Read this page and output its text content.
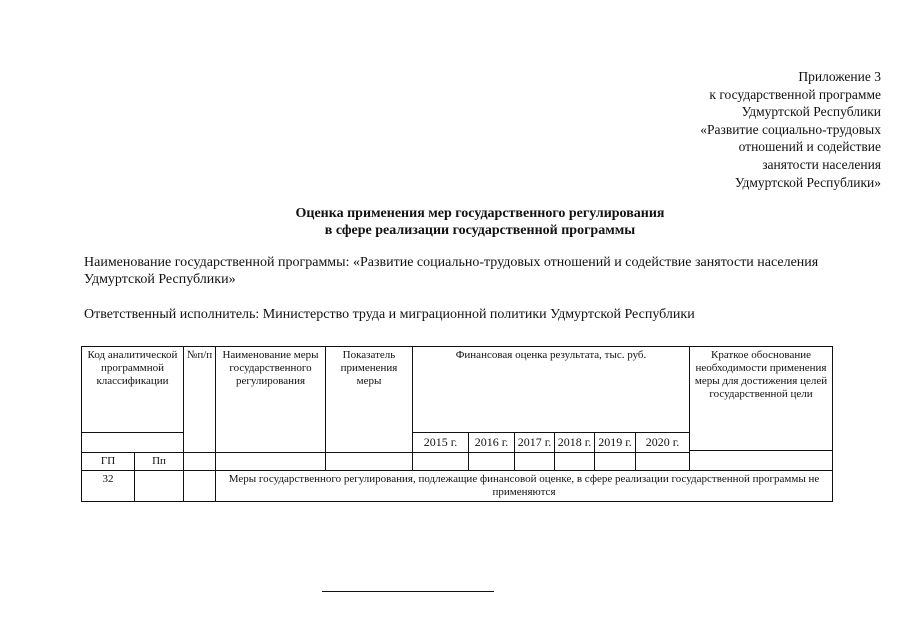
Приложение 3
к государственной программе
Удмуртской Республики
«Развитие социально-трудовых
отношений и содействие
занятости населения
Удмуртской Республики»
Оценка применения мер государственного регулирования
в сфере реализации государственной программы
Наименование государственной программы: «Развитие социально-трудовых отношений и содействие занятости населения Удмуртской Республики»
Ответственный исполнитель: Министерство труда и миграционной политики Удмуртской Республики
Код аналитической программной классификации		№п/п	Наименование меры государственного регулирования	Показатель применения меры	Финансовая оценка результата, тыс. руб.						Краткое обоснование необходимости применения меры для достижения целей государственной цели
					2015 г.	2016 г.	2017 г.	2018 г.	2019 г.	2020 г.	

ГП	Пп										
32			Меры государственного регулирования, подлежащие финансовой оценке, в сфере реализации государственной программы не применяются								
